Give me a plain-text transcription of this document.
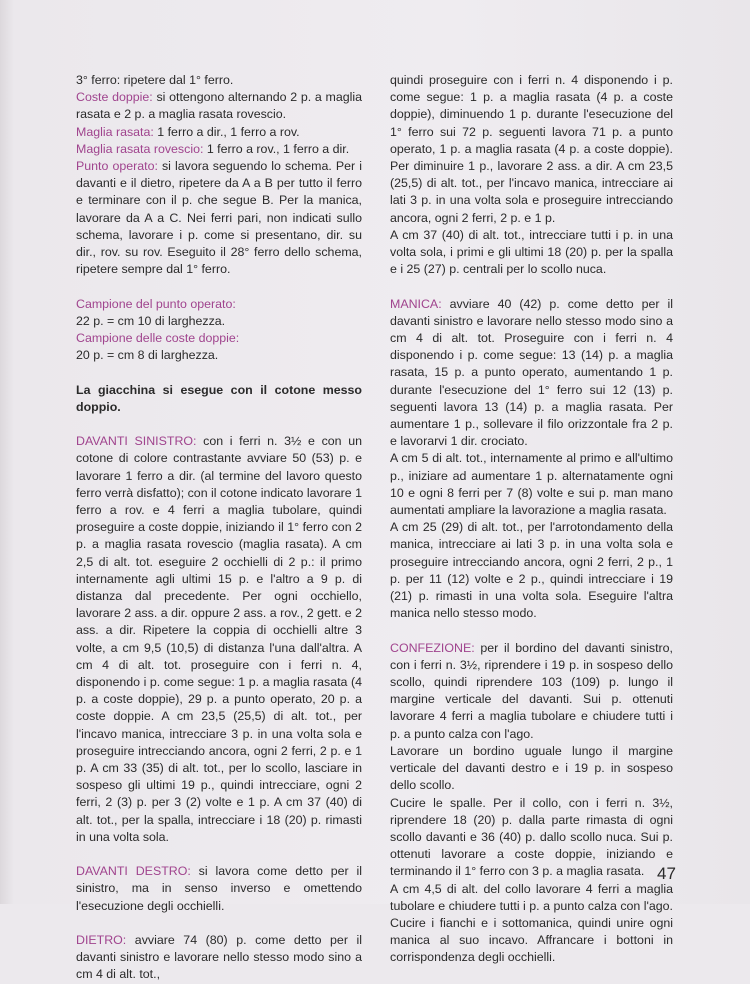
3° ferro: ripetere dal 1° ferro.

Coste doppie: si ottengono alternando 2 p. a maglia rasata e 2 p. a maglia rasata rovescio.

Maglia rasata: 1 ferro a dir., 1 ferro a rov.

Maglia rasata rovescio: 1 ferro a rov., 1 ferro a dir.

Punto operato: si lavora seguendo lo schema. Per i davanti e il dietro, ripetere da A a B per tutto il ferro e terminare con il p. che segue B. Per la manica, lavorare da A a C. Nei ferri pari, non indicati sullo schema, lavorare i p. come si presentano, dir. su dir., rov. su rov. Eseguito il 28° ferro dello schema, ripetere sempre dal 1° ferro.

Campione del punto operato:

22 p. = cm 10 di larghezza.

Campione delle coste doppie:

20 p. = cm 8 di larghezza.

La giacchina si esegue con il cotone messo doppio.

DAVANTI SINISTRO: con i ferri n. 3½ e con un cotone di colore contrastante avviare 50 (53) p. e lavorare 1 ferro a dir. (al termine del lavoro questo ferro verrà disfatto); con il cotone indicato lavorare 1 ferro a rov. e 4 ferri a maglia tubolare, quindi proseguire a coste doppie, iniziando il 1° ferro con 2 p. a maglia rasata rovescio (maglia rasata). A cm 2,5 di alt. tot. eseguire 2 occhielli di 2 p.: il primo internamente agli ultimi 15 p. e l'altro a 9 p. di distanza dal precedente. Per ogni occhiello, lavorare 2 ass. a dir. oppure 2 ass. a rov., 2 gett. e 2 ass. a dir. Ripetere la coppia di occhielli altre 3 volte, a cm 9,5 (10,5) di distanza l'una dall'altra. A cm 4 di alt. tot. proseguire con i ferri n. 4, disponendo i p. come segue: 1 p. a maglia rasata (4 p. a coste doppie), 29 p. a punto operato, 20 p. a coste doppie. A cm 23,5 (25,5) di alt. tot., per l'incavo manica, intrecciare 3 p. in una volta sola e proseguire intrecciando ancora, ogni 2 ferri, 2 p. e 1 p. A cm 33 (35) di alt. tot., per lo scollo, lasciare in sospeso gli ultimi 19 p., quindi intrecciare, ogni 2 ferri, 2 (3) p. per 3 (2) volte e 1 p. A cm 37 (40) di alt. tot., per la spalla, intrecciare i 18 (20) p. rimasti in una volta sola.

DAVANTI DESTRO: si lavora come detto per il sinistro, ma in senso inverso e omettendo l'esecuzione degli occhielli.

DIETRO: avviare 74 (80) p. come detto per il davanti sinistro e lavorare nello stesso modo sino a cm 4 di alt. tot.,

quindi proseguire con i ferri n. 4 disponendo i p. come segue: 1 p. a maglia rasata (4 p. a coste doppie), diminuendo 1 p. durante l'esecuzione del 1° ferro sui 72 p. seguenti lavora 71 p. a punto operato, 1 p. a maglia rasata (4 p. a coste doppie). Per diminuire 1 p., lavorare 2 ass. a dir. A cm 23,5 (25,5) di alt. tot., per l'incavo manica, intrecciare ai lati 3 p. in una volta sola e proseguire intrecciando ancora, ogni 2 ferri, 2 p. e 1 p.

A cm 37 (40) di alt. tot., intrecciare tutti i p. in una volta sola, i primi e gli ultimi 18 (20) p. per la spalla e i 25 (27) p. centrali per lo scollo nuca.

MANICA: avviare 40 (42) p. come detto per il davanti sinistro e lavorare nello stesso modo sino a cm 4 di alt. tot. Proseguire con i ferri n. 4 disponendo i p. come segue: 13 (14) p. a maglia rasata, 15 p. a punto operato, aumentando 1 p. durante l'esecuzione del 1° ferro sui 12 (13) p. seguenti lavora 13 (14) p. a maglia rasata. Per aumentare 1 p., sollevare il filo orizzontale fra 2 p. e lavorarvi 1 dir. crociato.

A cm 5 di alt. tot., internamente al primo e all'ultimo p., iniziare ad aumentare 1 p. alternatamente ogni 10 e ogni 8 ferri per 7 (8) volte e sui p. man mano aumentati ampliare la lavorazione a maglia rasata.

A cm 25 (29) di alt. tot., per l'arrotondamento della manica, intrecciare ai lati 3 p. in una volta sola e proseguire intrecciando ancora, ogni 2 ferri, 2 p., 1 p. per 11 (12) volte e 2 p., quindi intrecciare i 19 (21) p. rimasti in una volta sola. Eseguire l'altra manica nello stesso modo.

CONFEZIONE: per il bordino del davanti sinistro, con i ferri n. 3½, riprendere i 19 p. in sospeso dello scollo, quindi riprendere 103 (109) p. lungo il margine verticale del davanti. Sui p. ottenuti lavorare 4 ferri a maglia tubolare e chiudere tutti i p. a punto calza con l'ago.

Lavorare un bordino uguale lungo il margine verticale del davanti destro e i 19 p. in sospeso dello scollo.

Cucire le spalle. Per il collo, con i ferri n. 3½, riprendere 18 (20) p. dalla parte rimasta di ogni scollo davanti e 36 (40) p. dallo scollo nuca. Sui p. ottenuti lavorare a coste doppie, iniziando e terminando il 1° ferro con 3 p. a maglia rasata.

A cm 4,5 di alt. del collo lavorare 4 ferri a maglia tubolare e chiudere tutti i p. a punto calza con l'ago. Cucire i fianchi e i sottomanica, quindi unire ogni manica al suo incavo. Affrancare i bottoni in corrispondenza degli occhielli.

47
